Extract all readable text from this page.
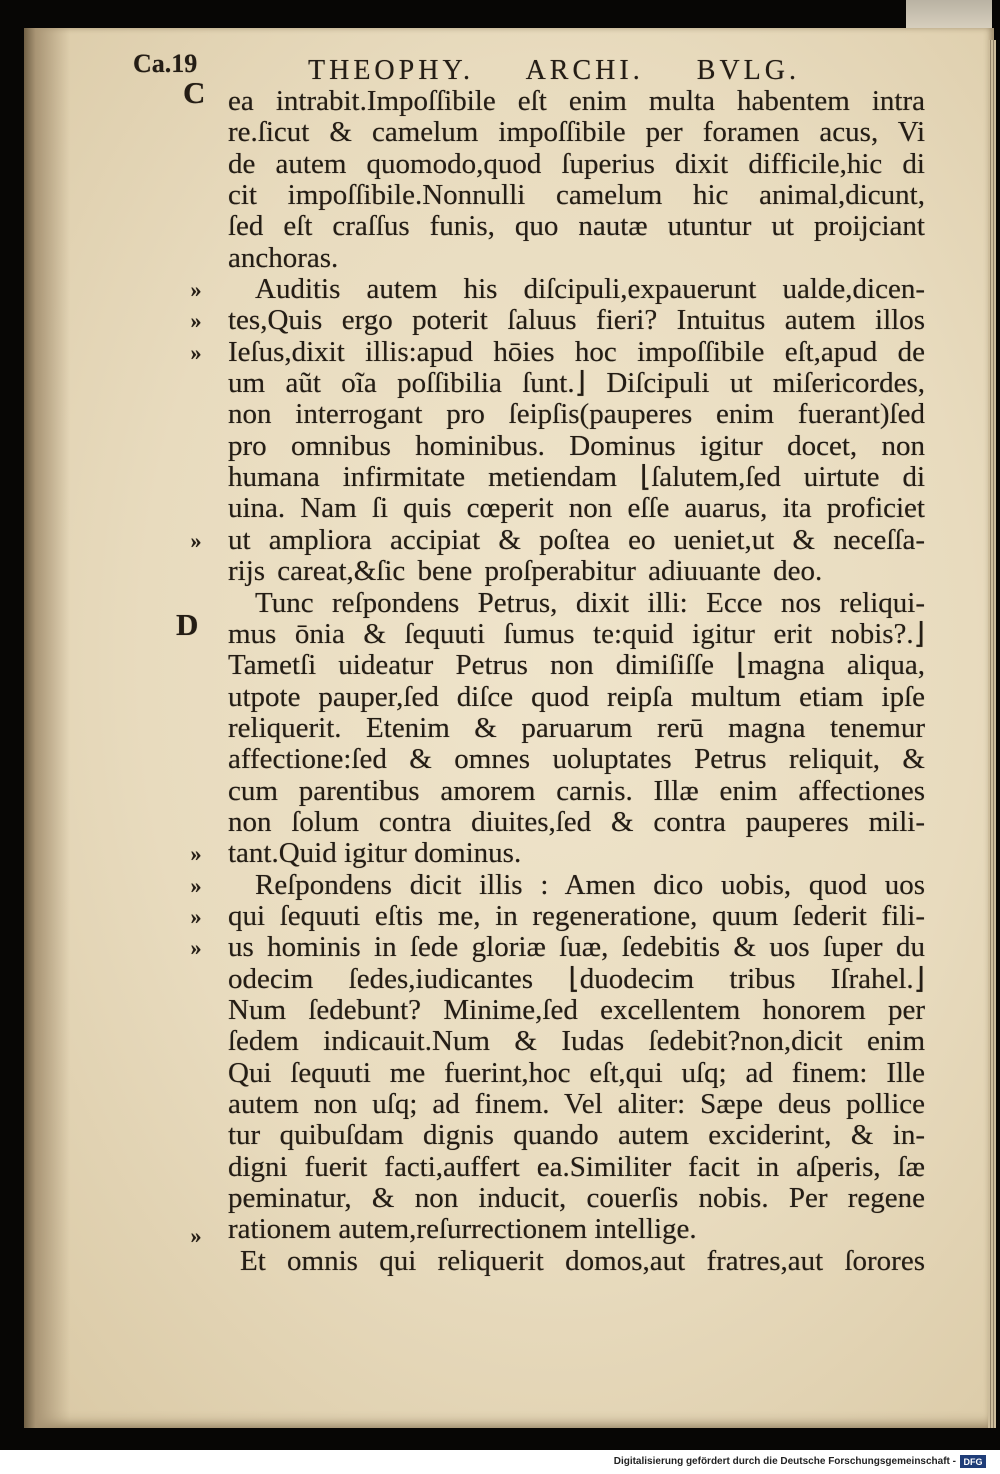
Ca.19	THEOPHY. ARCHI. BVLG.
C
D
»
»
»
»
»
»
»
»
»
ea intrabit.Impoſſibile eſt enim multa habentem intra
re.ſicut & camelum impoſſibile per foramen acus, Vi
de autem quomodo,quod ſuperius dixit difficile,hic di
cit impoſſibile.Nonnulli camelum hic animal,dicunt,
ſed eſt craſſus funis, quo nautæ utuntur ut proijciant
anchoras.
Auditis autem his diſcipuli,expauerunt ualde,dicen-
tes,Quis ergo poterit ſaluus fieri? Intuitus autem illos
Ieſus,dixit illis:apud hōies hoc impoſſibile eſt,apud de
um aũt oĩa poſſibilia ſunt.⌋ Diſcipuli ut miſericordes,
non interrogant pro ſeipſis(pauperes enim fuerant)ſed
pro omnibus hominibus. Dominus igitur docet, non
humana infirmitate metiendam ⌊ſalutem,ſed uirtute di
uina. Nam ſi quis cœperit non eſſe auarus, ita proficiet
ut ampliora accipiat & poſtea eo ueniet,ut & neceſſa-
rijs careat,&ſic bene proſperabitur adiuuante deo.
Tunc reſpondens Petrus, dixit illi: Ecce nos reliqui-
mus ōnia & ſequuti ſumus te:quid igitur erit nobis?.⌋
Tametſi uideatur Petrus non dimiſiſſe ⌊magna aliqua,
utpote pauper,ſed diſce quod reipſa multum etiam ipſe
reliquerit. Etenim & paruarum rerū magna tenemur
affectione:ſed & omnes uoluptates Petrus reliquit, &
cum parentibus amorem carnis. Illæ enim affectiones
non ſolum contra diuites,ſed & contra pauperes mili-
tant.Quid igitur dominus.
Reſpondens dicit illis : Amen dico uobis, quod uos
qui ſequuti eſtis me, in regeneratione, quum ſederit fili-
us hominis in ſede gloriæ ſuæ, ſedebitis & uos ſuper du
odecim ſedes,iudicantes ⌊duodecim tribus Iſrahel.⌋
Num ſedebunt? Minime,ſed excellentem honorem per
ſedem indicauit.Num & Iudas ſedebit?non,dicit enim
Qui ſequuti me fuerint,hoc eſt,qui uſq; ad finem: Ille
autem non uſq; ad finem. Vel aliter: Sæpe deus pollice
tur quibuſdam dignis quando autem exciderint, & in-
digni fuerit facti,auffert ea.Similiter facit in aſperis, ſæ
peminatur, & non inducit, couerſis nobis. Per regene
rationem autem,reſurrectionem intellige.
Et omnis qui reliquerit domos,aut fratres,aut ſorores
Digitalisierung gefördert durch die Deutsche Forschungsgemeinschaft - DFG
